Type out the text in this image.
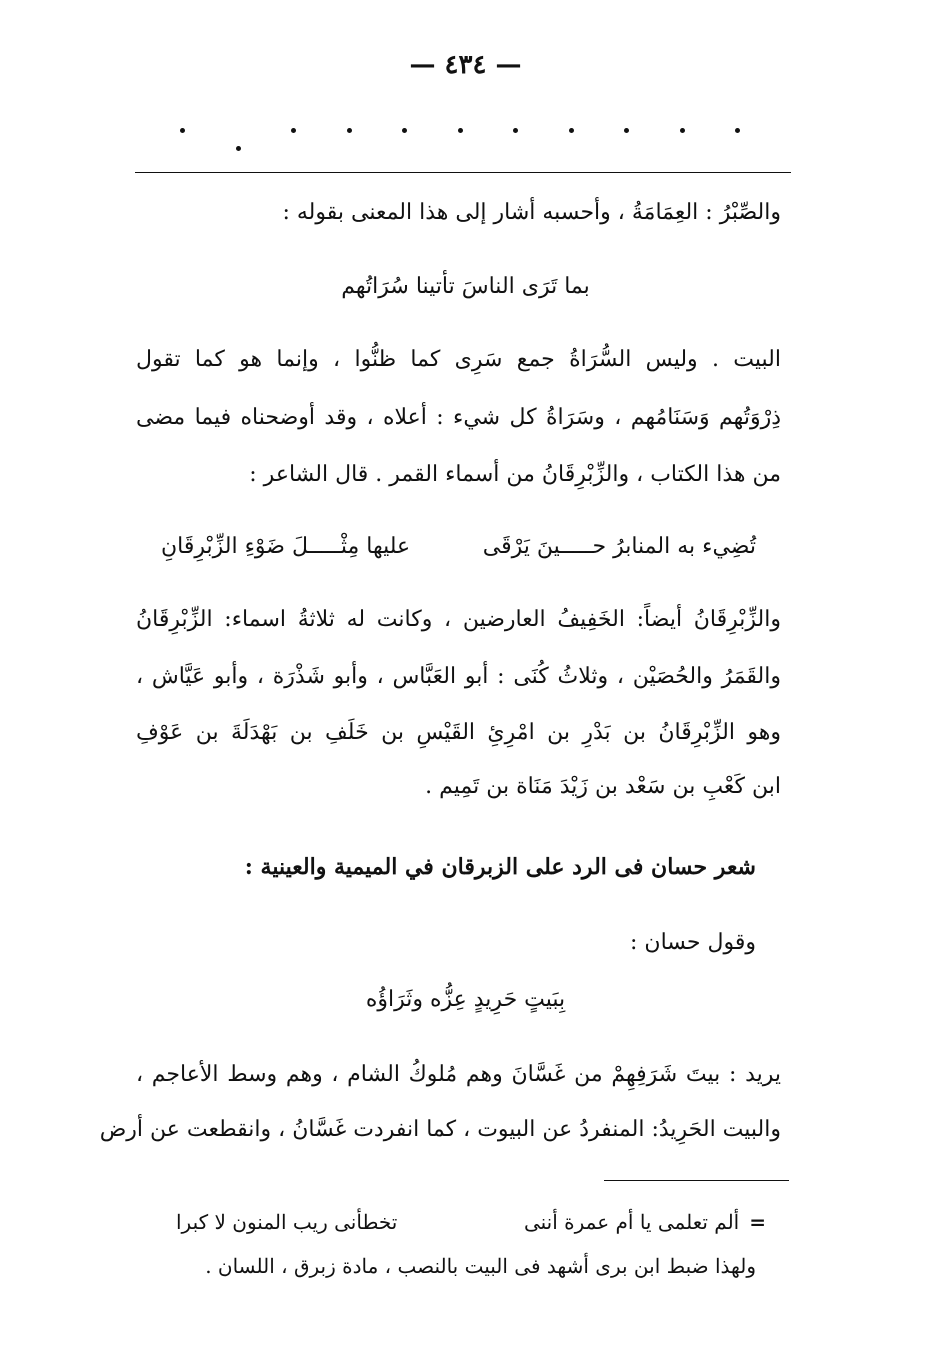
— ٤٣٤ —
والصِّبْرُ : العِمَامَةُ ، وأحسبه أشار إلى هذا المعنى بقوله :
بما تَرَى الناسَ تأتينا سُرَاتُهم
البيت . وليس السُّرَاةُ جمع سَرِى كما ظنُّوا ، وإنما هو كما تقول
ذِرْوَتُهم وَسَنَامُهم ، وسَرَاةُ كل شيء : أعلاه ، وقد أوضحناه فيما مضى
من هذا الكتاب ، والزِّبْرِقَانُ من أسماء القمر . قال الشاعر :
تُضِيء به المنابرُ حـــــينَ يَرْقَى
عليها مِثْـــــلَ ضَوْءِ الزِّبْرِقَانِ
والزِّبْرِقَانُ أيضاً: الخَفِيفُ العارضين ، وكانت له ثلاثةُ اسماء: الزِّبْرِقَانُ
والقَمَرُ والحُصَيْن ، وثلاثُ كُنَى : أبو العَبَّاس ، وأبو شَذْرَة ، وأبو عَيَّاش ،
وهو الزِّبْرِقَانُ بن بَدْرِ بن امْرِئِ القَيْسِ بن خَلَفِ بن بَهْدَلَةَ بن عَوْفِ
ابن كَعْبِ بن سَعْد بن زَيْدَ مَنَاة بن تَمِيم .
شعر حسان فى الرد على الزبرقان في الميمية والعينية :
وقول حسان :
بِبَيتٍ حَرِيدٍ عِزُّه وثَرَاؤُه
يريد : بيتَ شَرَفِهِمْ من غَسَّانَ وهم مُلوكُ الشام ، وهم وسط الأعاجم ،
والبيت الحَرِيدُ: المنفردُ عن البيوت ، كما انفردت غَسَّانُ ، وانقطعت عن أرض
=ألم تعلمى يا أم عمرة أننى
تخطأنى ريب المنون لا كبرا
ولهذا ضبط ابن برى أشهد فى البيت بالنصب ، مادة زبرق ، اللسان .
